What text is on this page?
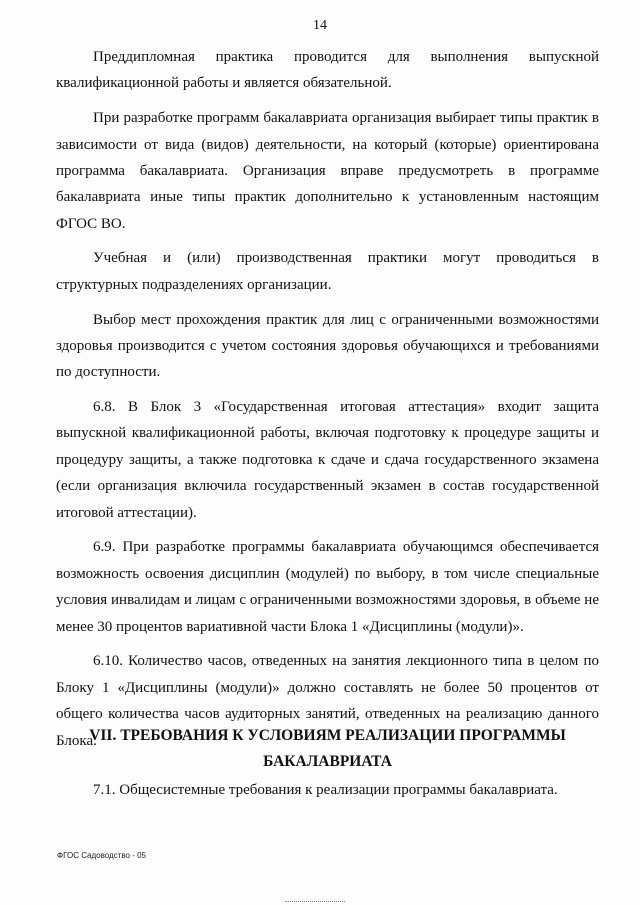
14

Преддипломная практика проводится для выполнения выпускной квалификационной работы и является обязательной.

При разработке программ бакалавриата организация выбирает типы практик в зависимости от вида (видов) деятельности, на который (которые) ориентирована программа бакалавриата. Организация вправе предусмотреть в программе бакалавриата иные типы практик дополнительно к установленным настоящим ФГОС ВО.

Учебная и (или) производственная практики могут проводиться в структурных подразделениях организации.

Выбор мест прохождения практик для лиц с ограниченными возможностями здоровья производится с учетом состояния здоровья обучающихся и требованиями по доступности.

6.8. В Блок 3 «Государственная итоговая аттестация» входит защита выпускной квалификационной работы, включая подготовку к процедуре защиты и процедуру защиты, а также подготовка к сдаче и сдача государственного экзамена (если организация включила государственный экзамен в состав государственной итоговой аттестации).

6.9. При разработке программы бакалавриата обучающимся обеспечивается возможность освоения дисциплин (модулей) по выбору, в том числе специальные условия инвалидам и лицам с ограниченными возможностями здоровья, в объеме не менее 30 процентов вариативной части Блока 1 «Дисциплины (модули)».

6.10. Количество часов, отведенных на занятия лекционного типа в целом по Блоку 1 «Дисциплины (модули)» должно составлять не более 50 процентов от общего количества часов аудиторных занятий, отведенных на реализацию данного Блока.

VII. ТРЕБОВАНИЯ К УСЛОВИЯМ РЕАЛИЗАЦИИ ПРОГРАММЫ
БАКАЛАВРИАТА

7.1. Общесистемные требования к реализации программы бакалавриата.

ФГОС Садоводство - 05
